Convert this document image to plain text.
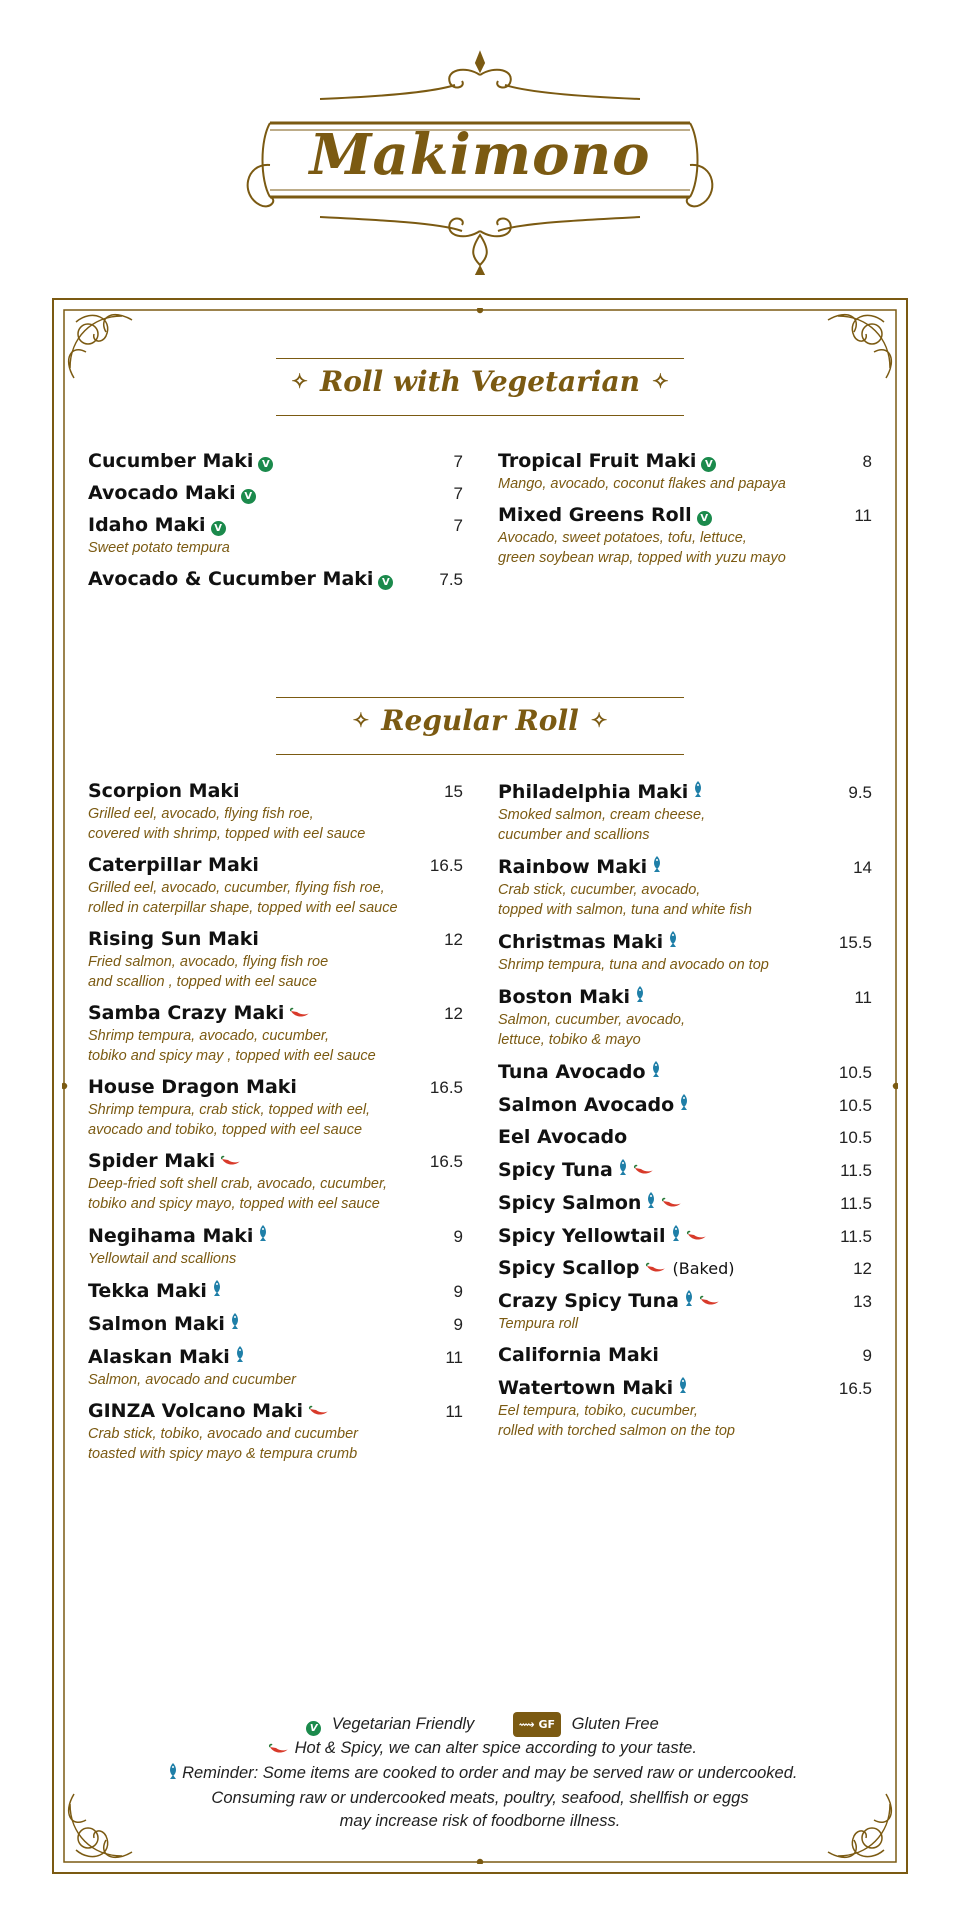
Makimono
✧ Roll with Vegetarian ✧
Cucumber Maki V	7
Avocado Maki V	7
Idaho Maki V	7
Sweet potato tempura
Avocado & Cucumber Maki V	7.5
Tropical Fruit Maki V	8
Mango, avocado, coconut flakes and papaya
Mixed Greens Roll V	11
Avocado, sweet potatoes, tofu, lettuce,
green soybean wrap, topped with yuzu mayo
✧ Regular Roll ✧
Scorpion Maki	15
Grilled eel, avocado, flying fish roe,
covered with shrimp, topped with eel sauce
Caterpillar Maki	16.5
Grilled eel, avocado, cucumber, flying fish roe,
rolled in caterpillar shape, topped with eel sauce
Rising Sun Maki	12
Fried salmon, avocado, flying fish roe
and scallion , topped with eel sauce
Samba Crazy Maki	12
Shrimp tempura, avocado, cucumber,
tobiko and spicy may , topped with eel sauce
House Dragon Maki	16.5
Shrimp tempura, crab stick, topped with eel,
avocado and tobiko, topped with eel sauce
Spider Maki	16.5
Deep-fried soft shell crab, avocado, cucumber,
tobiko and spicy mayo, topped with eel sauce
Negihama Maki	9
Yellowtail and scallions
Tekka Maki	9
Salmon Maki	9
Alaskan Maki	11
Salmon, avocado and cucumber
GINZA Volcano Maki	11
Crab stick, tobiko, avocado and cucumber
toasted with spicy mayo & tempura crumb
Philadelphia Maki	9.5
Smoked salmon, cream cheese,
cucumber and scallions
Rainbow Maki	14
Crab stick, cucumber, avocado,
topped with salmon, tuna and white fish
Christmas Maki	15.5
Shrimp tempura, tuna and avocado on top
Boston Maki	11
Salmon, cucumber, avocado,
lettuce, tobiko & mayo
Tuna Avocado	10.5
Salmon Avocado	10.5
Eel Avocado	10.5
Spicy Tuna	11.5
Spicy Salmon	11.5
Spicy Yellowtail	11.5
Spicy Scallop (Baked)	12
Crazy Spicy Tuna	13
Tempura roll
California Maki	9
Watertown Maki	16.5
Eel tempura, tobiko, cucumber,
rolled with torched salmon on the top
V Vegetarian Friendly	⟿ GF Gluten Free
Hot & Spicy, we can alter spice according to your taste.
Reminder: Some items are cooked to order and may be served raw or undercooked.
Consuming raw or undercooked meats, poultry, seafood, shellfish or eggs
may increase risk of foodborne illness.
